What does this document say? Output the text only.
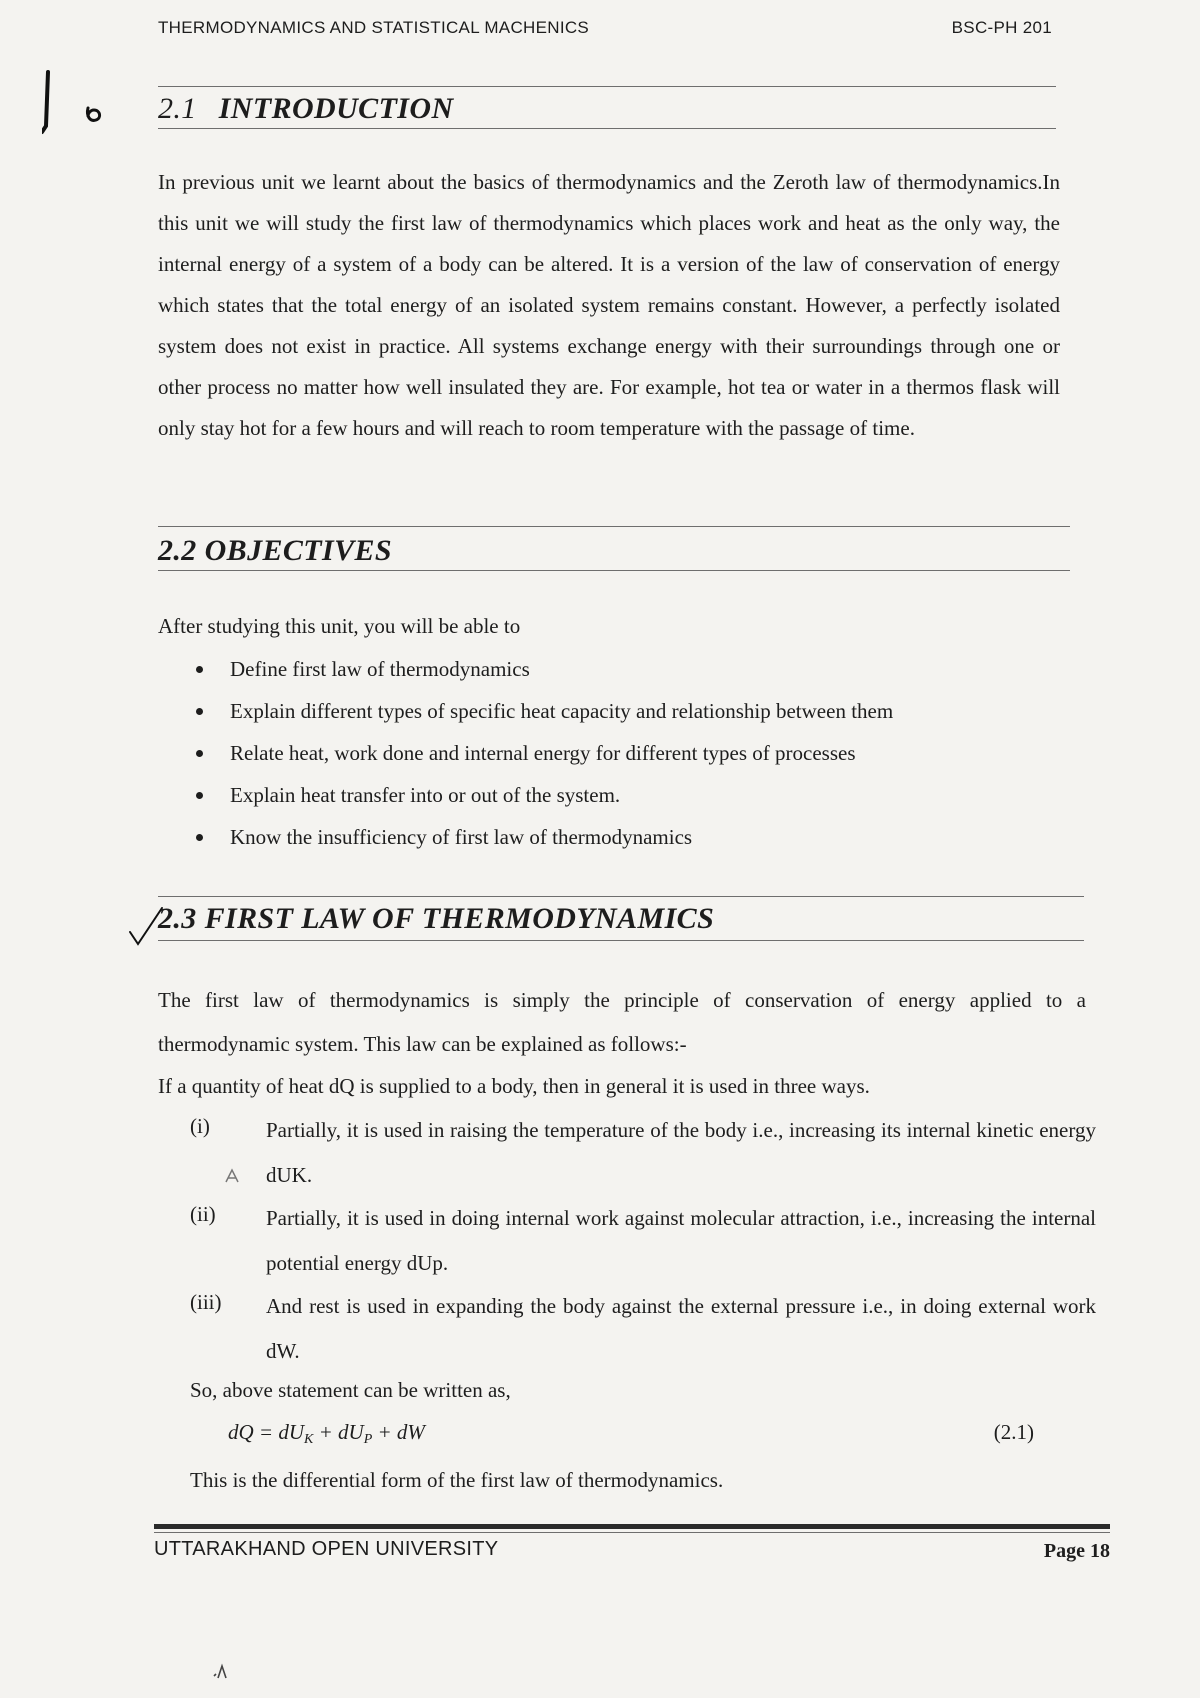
THERMODYNAMICS AND STATISTICAL MACHENICS	BSC-PH 201
2.1 INTRODUCTION

In previous unit we learnt about the basics of thermodynamics and the Zeroth law of thermodynamics.In this unit we will study the first law of thermodynamics which places work and heat as the only way, the internal energy of a system of a body can be altered. It is a version of the law of conservation of energy which states that the total energy of an isolated system remains constant. However, a perfectly isolated system does not exist in practice. All systems exchange energy with their surroundings through one or other process no matter how well insulated they are. For example, hot tea or water in a thermos flask will only stay hot for a few hours and will reach to room temperature with the passage of time.

2.2 OBJECTIVES

After studying this unit, you will be able to

Define first law of thermodynamics
Explain different types of specific heat capacity and relationship between them
Relate heat, work done and internal energy for different types of processes
Explain heat transfer into or out of the system.
Know the insufficiency of first law of thermodynamics
2.3 FIRST LAW OF THERMODYNAMICS

The first law of thermodynamics is simply the principle of conservation of energy applied to a thermodynamic system. This law can be explained as follows:-

If a quantity of heat dQ is supplied to a body, then in general it is used in three ways.

(i)	Partially, it is used in raising the temperature of the body i.e., increasing its internal kinetic energy dUK.

(ii) Partially, it is used in doing internal work against molecular attraction, i.e., increasing the internal potential energy dUp.

(iii) And rest is used in expanding the body against the external pressure i.e., in doing external work dW.

So, above statement can be written as,

dQ = $dU_K + dU_P$ + dW	(2.1)

This is the differential form of the first law of thermodynamics.

UTTARAKHAND OPEN UNIVERSITY	Page 18
